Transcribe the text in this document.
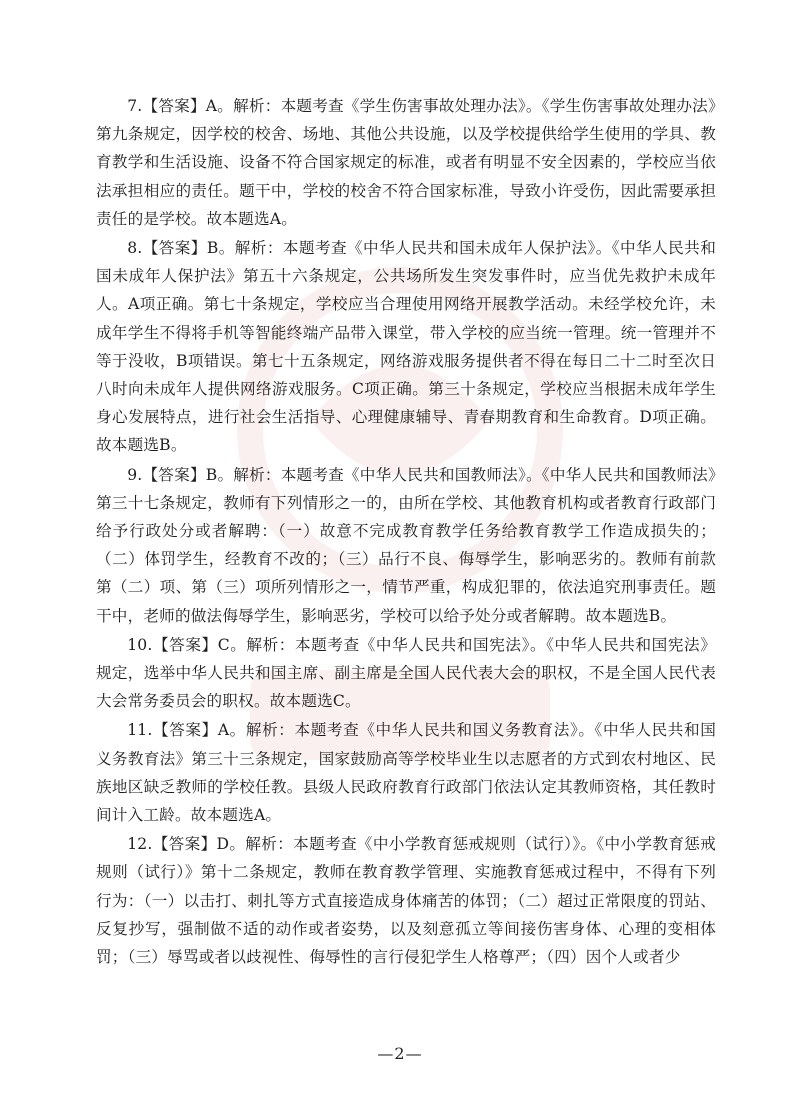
7.【答案】A。解析：本题考查《学生伤害事故处理办法》。《学生伤害事故处理办法》第九条规定，因学校的校舍、场地、其他公共设施，以及学校提供给学生使用的学具、教育教学和生活设施、设备不符合国家规定的标准，或者有明显不安全因素的，学校应当依法承担相应的责任。题干中，学校的校舍不符合国家标准，导致小许受伤，因此需要承担责任的是学校。故本题选A。

8.【答案】B。解析：本题考查《中华人民共和国未成年人保护法》。《中华人民共和国未成年人保护法》第五十六条规定，公共场所发生突发事件时，应当优先救护未成年人。A项正确。第七十条规定，学校应当合理使用网络开展教学活动。未经学校允许，未成年学生不得将手机等智能终端产品带入课堂，带入学校的应当统一管理。统一管理并不等于没收，B项错误。第七十五条规定，网络游戏服务提供者不得在每日二十二时至次日八时向未成年人提供网络游戏服务。C项正确。第三十条规定，学校应当根据未成年学生身心发展特点，进行社会生活指导、心理健康辅导、青春期教育和生命教育。D项正确。故本题选B。

9.【答案】B。解析：本题考查《中华人民共和国教师法》。《中华人民共和国教师法》第三十七条规定，教师有下列情形之一的，由所在学校、其他教育机构或者教育行政部门给予行政处分或者解聘：（一）故意不完成教育教学任务给教育教学工作造成损失的；（二）体罚学生，经教育不改的；（三）品行不良、侮辱学生，影响恶劣的。教师有前款第（二）项、第（三）项所列情形之一，情节严重，构成犯罪的，依法追究刑事责任。题干中，老师的做法侮辱学生，影响恶劣，学校可以给予处分或者解聘。故本题选B。

10.【答案】C。解析：本题考查《中华人民共和国宪法》。《中华人民共和国宪法》规定，选举中华人民共和国主席、副主席是全国人民代表大会的职权，不是全国人民代表大会常务委员会的职权。故本题选C。

11.【答案】A。解析：本题考查《中华人民共和国义务教育法》。《中华人民共和国义务教育法》第三十三条规定，国家鼓励高等学校毕业生以志愿者的方式到农村地区、民族地区缺乏教师的学校任教。县级人民政府教育行政部门依法认定其教师资格，其任教时间计入工龄。故本题选A。

12.【答案】D。解析：本题考查《中小学教育惩戒规则（试行）》。《中小学教育惩戒规则（试行）》第十二条规定，教师在教育教学管理、实施教育惩戒过程中，不得有下列行为：（一）以击打、刺扎等方式直接造成身体痛苦的体罚；（二）超过正常限度的罚站、反复抄写，强制做不适的动作或者姿势，以及刻意孤立等间接伤害身体、心理的变相体罚；（三）辱骂或者以歧视性、侮辱性的言行侵犯学生人格尊严；（四）因个人或者少

—2—
